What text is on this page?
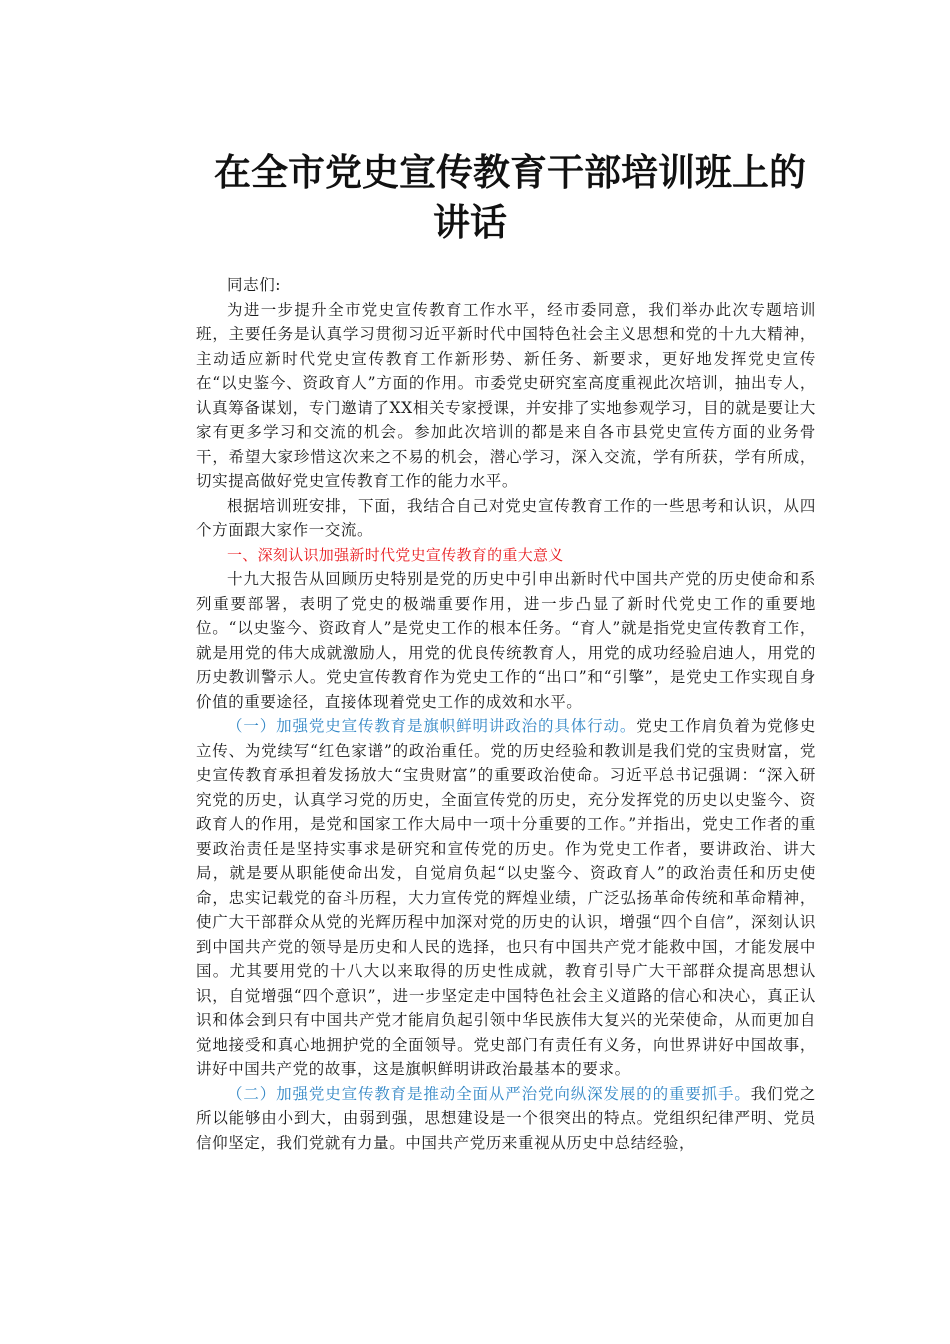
在全市党史宣传教育干部培训班上的
讲话

同志们:

为进一步提升全市党史宣传教育工作水平，经市委同意，我们举办此次专题培训班，主要任务是认真学习贯彻习近平新时代中国特色社会主义思想和党的十九大精神，主动适应新时代党史宣传教育工作新形势、新任务、新要求，更好地发挥党史宣传在“以史鉴今、资政育人”方面的作用。市委党史研究室高度重视此次培训，抽出专人，认真筹备谋划，专门邀请了XX相关专家授课，并安排了实地参观学习，目的就是要让大家有更多学习和交流的机会。参加此次培训的都是来自各市县党史宣传方面的业务骨干，希望大家珍惜这次来之不易的机会，潜心学习，深入交流，学有所获，学有所成，切实提高做好党史宣传教育工作的能力水平。

根据培训班安排，下面，我结合自己对党史宣传教育工作的一些思考和认识，从四个方面跟大家作一交流。

一、深刻认识加强新时代党史宣传教育的重大意义

十九大报告从回顾历史特别是党的历史中引申出新时代中国共产党的历史使命和系列重要部署，表明了党史的极端重要作用，进一步凸显了新时代党史工作的重要地位。“以史鉴今、资政育人”是党史工作的根本任务。“育人”就是指党史宣传教育工作，就是用党的伟大成就激励人，用党的优良传统教育人，用党的成功经验启迪人，用党的历史教训警示人。党史宣传教育作为党史工作的“出口”和“引擎”，是党史工作实现自身价值的重要途径，直接体现着党史工作的成效和水平。

（一）加强党史宣传教育是旗帜鲜明讲政治的具体行动。党史工作肩负着为党修史立传、为党续写“红色家谱”的政治重任。党的历史经验和教训是我们党的宝贵财富，党史宣传教育承担着发扬放大“宝贵财富”的重要政治使命。习近平总书记强调：“深入研究党的历史，认真学习党的历史，全面宣传党的历史，充分发挥党的历史以史鉴今、资政育人的作用，是党和国家工作大局中一项十分重要的工作。”并指出，党史工作者的重要政治责任是坚持实事求是研究和宣传党的历史。作为党史工作者，要讲政治、讲大局，就是要从职能使命出发，自觉肩负起“以史鉴今、资政育人”的政治责任和历史使命，忠实记载党的奋斗历程，大力宣传党的辉煌业绩，广泛弘扬革命传统和革命精神，使广大干部群众从党的光辉历程中加深对党的历史的认识，增强“四个自信”，深刻认识到中国共产党的领导是历史和人民的选择，也只有中国共产党才能救中国，才能发展中国。尤其要用党的十八大以来取得的历史性成就，教育引导广大干部群众提高思想认识，自觉增强“四个意识”，进一步坚定走中国特色社会主义道路的信心和决心，真正认识和体会到只有中国共产党才能肩负起引领中华民族伟大复兴的光荣使命，从而更加自觉地接受和真心地拥护党的全面领导。党史部门有责任有义务，向世界讲好中国故事，讲好中国共产党的故事，这是旗帜鲜明讲政治最基本的要求。

（二）加强党史宣传教育是推动全面从严治党向纵深发展的的重要抓手。我们党之所以能够由小到大，由弱到强，思想建设是一个很突出的特点。党组织纪律严明、党员信仰坚定，我们党就有力量。中国共产党历来重视从历史中总结经验，
